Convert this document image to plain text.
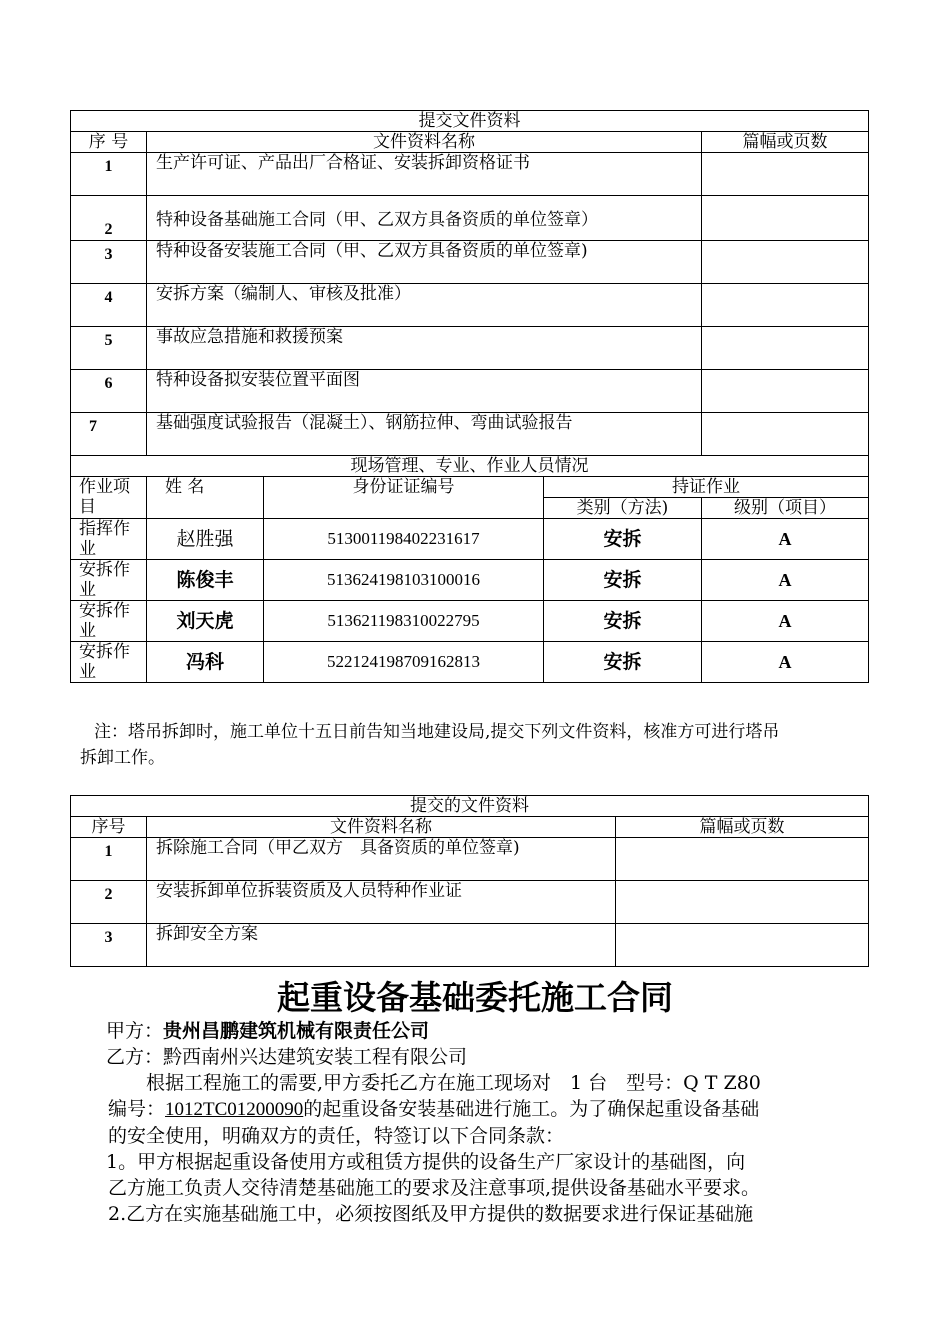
提交文件资料				
序 号	文件资料名称			篇幅或页数
1	生产许可证、产品出厂合格证、安装拆卸资格证书			
2	特种设备基础施工合同（甲、乙双方具备资质的单位签章）			
3	特种设备安装施工合同（甲、乙双方具备资质的单位签章)			
4	安拆方案（编制人、审核及批准）			
5	事故应急措施和救援预案			
6	特种设备拟安装位置平面图			
7	基础强度试验报告（混凝土）、钢筋拉伸、弯曲试验报告			
现场管理、专业、作业人员情况				
作业项目	姓 名	身份证证编号	持证作业	
			类别（方法)	级别（项目）
指挥作业	赵胜强	513001198402231617	安拆	A
安拆作业	陈俊丰	513624198103100016	安拆	A
安拆作业	刘天虎	513621198310022795	安拆	A
安拆作业	冯科	522124198709162813	安拆	A
注：塔吊拆卸时，施工单位十五日前告知当地建设局,提交下列文件资料，核准方可进行塔吊
拆卸工作。
提交的文件资料		
序号	文件资料名称	篇幅或页数
1	拆除施工合同（甲乙双方　具备资质的单位签章)	
2	安装拆卸单位拆装资质及人员特种作业证	
3	拆卸安全方案	
起重设备基础委托施工合同
甲方：贵州昌鹏建筑机械有限责任公司
乙方：黔西南州兴达建筑安装工程有限公司
根据工程施工的需要,甲方委托乙方在施工现场对　1 台　型号：Q T Z80
编号：1012TC01200090的起重设备安装基础进行施工。为了确保起重设备基础
的安全使用，明确双方的责任，特签订以下合同条款：
1。甲方根据起重设备使用方或租赁方提供的设备生产厂家设计的基础图，向
乙方施工负责人交待清楚基础施工的要求及注意事项,提供设备基础水平要求。
2.乙方在实施基础施工中，必须按图纸及甲方提供的数据要求进行保证基础施
